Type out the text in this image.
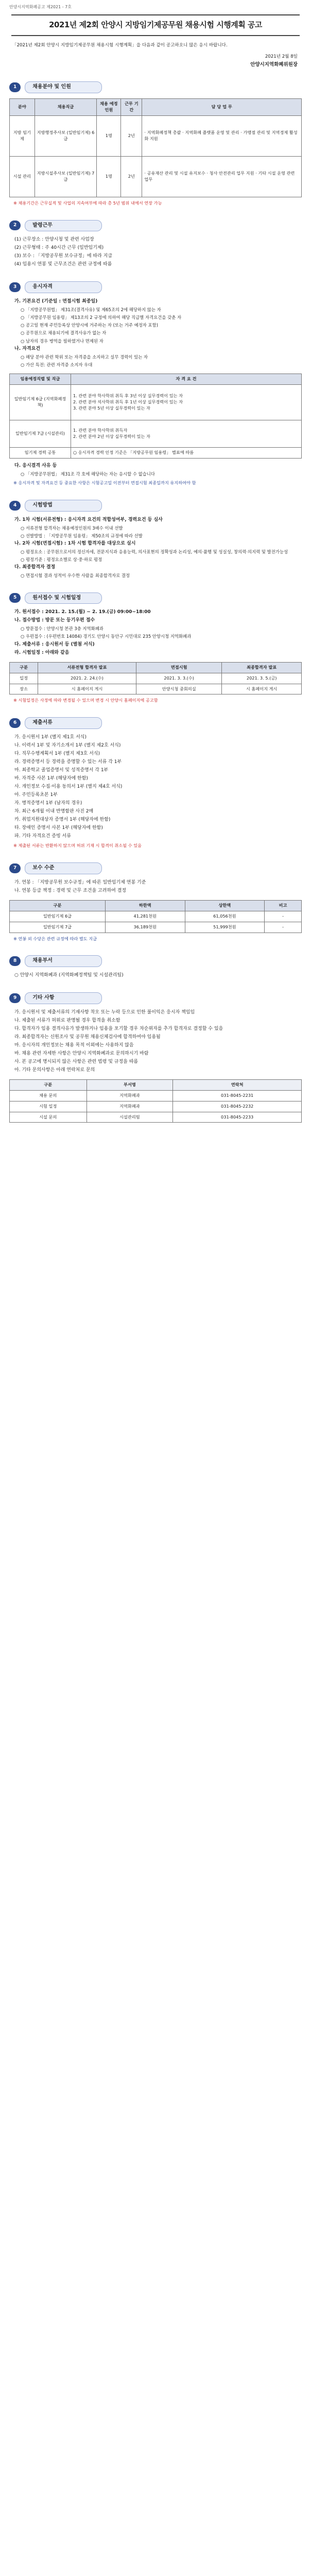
안양시지역화폐공고 제2021 - 7호
2021년 제2회 안양시 지방임기제공무원 채용시험 시행계획 공고
「2021년 제2회 안양시 지방임기제공무원 채용시험 시행계획」을 다음과 같이 공고하오니 많은 응시 바랍니다.
2021년 2월 8일
안양시지역화폐위원장
1	채용분야 및 인원
분야	채용직급	채용 예정 인원	근무 기간	담 당 업 무
지방 임기제	지방행정주사보 (일반임기제) 6급	1명	2년	· 지역화폐정책 총괄 · 지역화폐 플랫폼 운영 및 관리 · 가맹점 관리 및 지역경제 활성화 지원
시설 관리	지방시설주사보 (일반임기제) 7급	1명	2년	· 공유재산 관리 및 시설 유지보수 · 청사 안전관리 업무 지원 · 기타 시설 운영 관련 업무
※ 채용기간은 근무실적 및 사업의 지속여부에 따라 총 5년 범위 내에서 연장 가능
2	발령근무
(1) 근무장소 : 안양시청 및 관련 사업장
(2) 근무형태 : 주 40시간 근무 (일반임기제)
(3) 보수 : 「지방공무원 보수규정」에 따라 지급
(4) 임용시 연봉 및 근무조건은 관련 규정에 따름
3	응시자격
가. 기본요건 (기준일 : 면접시험 최종일)
○ 「지방공무원법」 제31조(결격사유) 및 제65조의 2에 해당하지 않는 자
○ 「지방공무원 임용령」 제13조의 2 규정에 의하여 해당 직급별 자격요건을 갖춘 자
○ 공고일 현재 주민등록상 안양시에 거주하는 자 (또는 거주 예정자 포함)
○ 공무원으로 채용되기에 결격사유가 없는 자
○ 남자의 경우 병역을 필하였거나 면제된 자
나. 자격요건
○ 해당 분야 관련 학위 또는 자격증을 소지하고 실무 경력이 있는 자
○ 가산 특전: 관련 자격증 소지자 우대
임용예정직렬 및 직급	자 격 요 건
일반임기제 6급 (지역화폐정책)	1. 관련 분야 학사학위 취득 후 3년 이상 실무경력이 있는 자
2. 관련 분야 석사학위 취득 후 1년 이상 실무경력이 있는 자
3. 관련 분야 5년 이상 실무경력이 있는 자
일반임기제 7급 (시설관리)	1. 관련 분야 학사학위 취득자
2. 관련 분야 2년 이상 실무경력이 있는 자
임기제 경력 공통	○ 응시자격 경력 인정 기준은 「지방공무원 임용령」 별표에 따름
다. 응시결격 사유 등
○ 「지방공무원법」 제31조 각 호에 해당하는 자는 응시할 수 없습니다
※ 응시자격 및 자격요건 등 중요한 사항은 시험공고일 이전부터 면접시험 최종일까지 유지하여야 함
4	시험방법
가. 1차 시험(서류전형) : 응시자격 요건의 적합성여부, 경력요건 등 심사
○ 서류전형 합격자는 채용예정인원의 3배수 이내 선발
○ 선발방법 : 「지방공무원 임용령」 제50조의 규정에 따라 선발
나. 2차 시험(면접시험) : 1차 시험 합격자를 대상으로 실시
○ 평정요소 : 공무원으로서의 정신자세, 전문지식과 응용능력, 의사표현의 정확성과 논리성, 예의·품행 및 성실성, 창의력·의지력 및 발전가능성
○ 평정기준 : 평정요소별로 상·중·하로 평정
다. 최종합격자 결정
○ 면접시험 결과 성적이 우수한 사람을 최종합격자로 결정
5	원서접수 및 시험일정
가. 원서접수 : 2021. 2. 15.(월) ~ 2. 19.(금) 09:00~18:00
나. 접수방법 : 방문 또는 등기우편 접수
○ 방문접수 : 안양시청 본관 3층 지역화폐과
○ 우편접수 : (우편번호 14084) 경기도 안양시 동안구 시민대로 235 안양시청 지역화폐과
다. 제출서류 : 응시원서 등 (별첨 서식)
라. 시험일정 : 아래와 같음
구분	서류전형 합격자 발표	면접시험	최종합격자 발표
일정	2021. 2. 24.(수)	2021. 3. 3.(수)	2021. 3. 5.(금)
장소	시 홈페이지 게시	안양시청 중회의실	시 홈페이지 게시
※ 시험일정은 사정에 따라 변경될 수 있으며 변경 시 안양시 홈페이지에 공고함
6	제출서류
가. 응시원서 1부 (별지 제1호 서식)
나. 이력서 1부 및 자기소개서 1부 (별지 제2호 서식)
다. 직무수행계획서 1부 (별지 제3호 서식)
라. 경력증명서 등 경력을 증명할 수 있는 서류 각 1부
마. 최종학교 졸업증명서 및 성적증명서 각 1부
바. 자격증 사본 1부 (해당자에 한함)
사. 개인정보 수집·이용 동의서 1부 (별지 제4호 서식)
아. 주민등록초본 1부
자. 병적증명서 1부 (남자의 경우)
차. 최근 6개월 이내 반명함판 사진 2매
카. 취업지원대상자 증명서 1부 (해당자에 한함)
타. 장애인 증명서 사본 1부 (해당자에 한함)
파. 기타 자격요건 증빙 서류
※ 제출된 서류는 반환하지 않으며 허위 기재 시 합격이 취소될 수 있음
7	보수 수준
가. 연봉 : 「지방공무원 보수규정」에 따른 일반임기제 연봉 기준
나. 연봉 등급 책정 : 경력 및 근무 조건을 고려하여 결정
구분	하한액	상한액	비고
일반임기제 6급	41,281천원	61,056천원	-
일반임기제 7급	36,189천원	51,999천원	-
※ 연봉 외 수당은 관련 규정에 따라 별도 지급
8	채용부서
○ 안양시 지역화폐과 (지역화폐정책팀 및 시설관리팀)
9	기타 사항
가. 응시원서 및 제출서류의 기재사항 착오 또는 누락 등으로 인한 불이익은 응시자 책임임
나. 제출된 서류가 허위로 판명될 경우 합격을 취소함
다. 합격자가 임용 결격사유가 발생하거나 임용을 포기할 경우 차순위자를 추가 합격자로 결정할 수 있음
라. 최종합격자는 신원조사 및 공무원 채용신체검사에 합격하여야 임용됨
마. 응시자의 개인정보는 채용 목적 이외에는 사용하지 않음
바. 채용 관련 자세한 사항은 안양시 지역화폐과로 문의하시기 바람
사. 본 공고에 명시되지 않은 사항은 관련 법령 및 규정을 따름
아. 기타 문의사항은 아래 연락처로 문의
구분	부서명	연락처
채용 문의	지역화폐과	031-8045-2231
시험 일정	지역화폐과	031-8045-2232
시설 문의	시설관리팀	031-8045-2233
